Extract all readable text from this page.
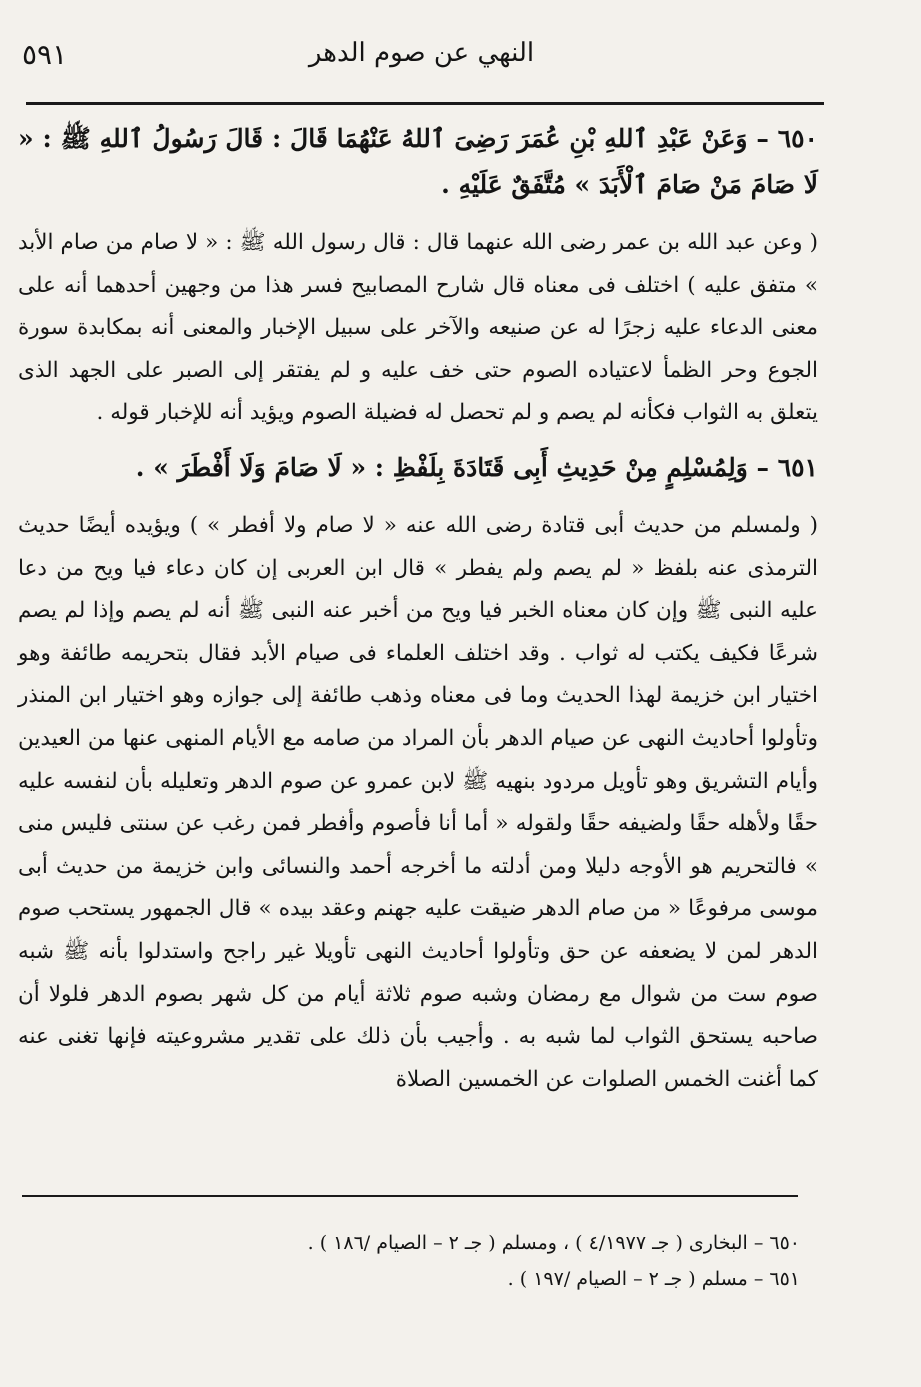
٥٩١	النهي عن صوم الدهر

٦٥٠ – وَعَنْ عَبْدِ ٱللهِ بْنِ عُمَرَ رَضِىَ ٱللهُ عَنْهُمَا قَالَ : قَالَ رَسُولُ ٱللهِ ﷺ : « لَا صَامَ مَنْ صَامَ ٱلْأَبَدَ » مُتَّفَقٌ عَلَيْهِ .

( وعن عبد الله بن عمر رضى الله عنهما قال : قال رسول الله ﷺ : « لا صام من صام الأبد » متفق عليه ) اختلف فى معناه قال شارح المصابيح فسر هذا من وجهين أحدهما أنه على معنى الدعاء عليه زجرًا له عن صنيعه والآخر على سبيل الإخبار والمعنى أنه بمكابدة سورة الجوع وحر الظمأ لاعتياده الصوم حتى خف عليه و لم يفتقر إلى الصبر على الجهد الذى يتعلق به الثواب فكأنه لم يصم و لم تحصل له فضيلة الصوم ويؤيد أنه للإخبار قوله .

٦٥١ – وَلِمُسْلِمٍ مِنْ حَدِيثِ أَبِى قَتَادَةَ بِلَفْظِ : « لَا صَامَ وَلَا أَفْطَرَ » .

( ولمسلم من حديث أبى قتادة رضى الله عنه « لا صام ولا أفطر » ) ويؤيده أيضًا حديث الترمذى عنه بلفظ « لم يصم ولم يفطر » قال ابن العربى إن كان دعاء فيا ويح من دعا عليه النبى ﷺ وإن كان معناه الخبر فيا ويح من أخبر عنه النبى ﷺ أنه لم يصم وإذا لم يصم شرعًا فكيف يكتب له ثواب . وقد اختلف العلماء فى صيام الأبد فقال بتحريمه طائفة وهو اختيار ابن خزيمة لهذا الحديث وما فى معناه وذهب طائفة إلى جوازه وهو اختيار ابن المنذر وتأولوا أحاديث النهى عن صيام الدهر بأن المراد من صامه مع الأيام المنهى عنها من العيدين وأيام التشريق وهو تأويل مردود بنهيه ﷺ لابن عمرو عن صوم الدهر وتعليله بأن لنفسه عليه حقًا ولأهله حقًا ولضيفه حقًا ولقوله « أما أنا فأصوم وأفطر فمن رغب عن سنتى فليس منى » فالتحريم هو الأوجه دليلا ومن أدلته ما أخرجه أحمد والنسائى وابن خزيمة من حديث أبى موسى مرفوعًا « من صام الدهر ضيقت عليه جهنم وعقد بيده » قال الجمهور يستحب صوم الدهر لمن لا يضعفه عن حق وتأولوا أحاديث النهى تأويلا غير راجح واستدلوا بأنه ﷺ شبه صوم ست من شوال مع رمضان وشبه صوم ثلاثة أيام من كل شهر بصوم الدهر فلولا أن صاحبه يستحق الثواب لما شبه به . وأجيب بأن ذلك على تقدير مشروعيته فإنها تغنى عنه كما أغنت الخمس الصلوات عن الخمسين الصلاة

٦٥٠ – البخارى ( جـ ٤/١٩٧٧ ) ، ومسلم ( جـ ٢ – الصيام /١٨٦ ) .

٦٥١ – مسلم ( جـ ٢ – الصيام /١٩٧ ) .
